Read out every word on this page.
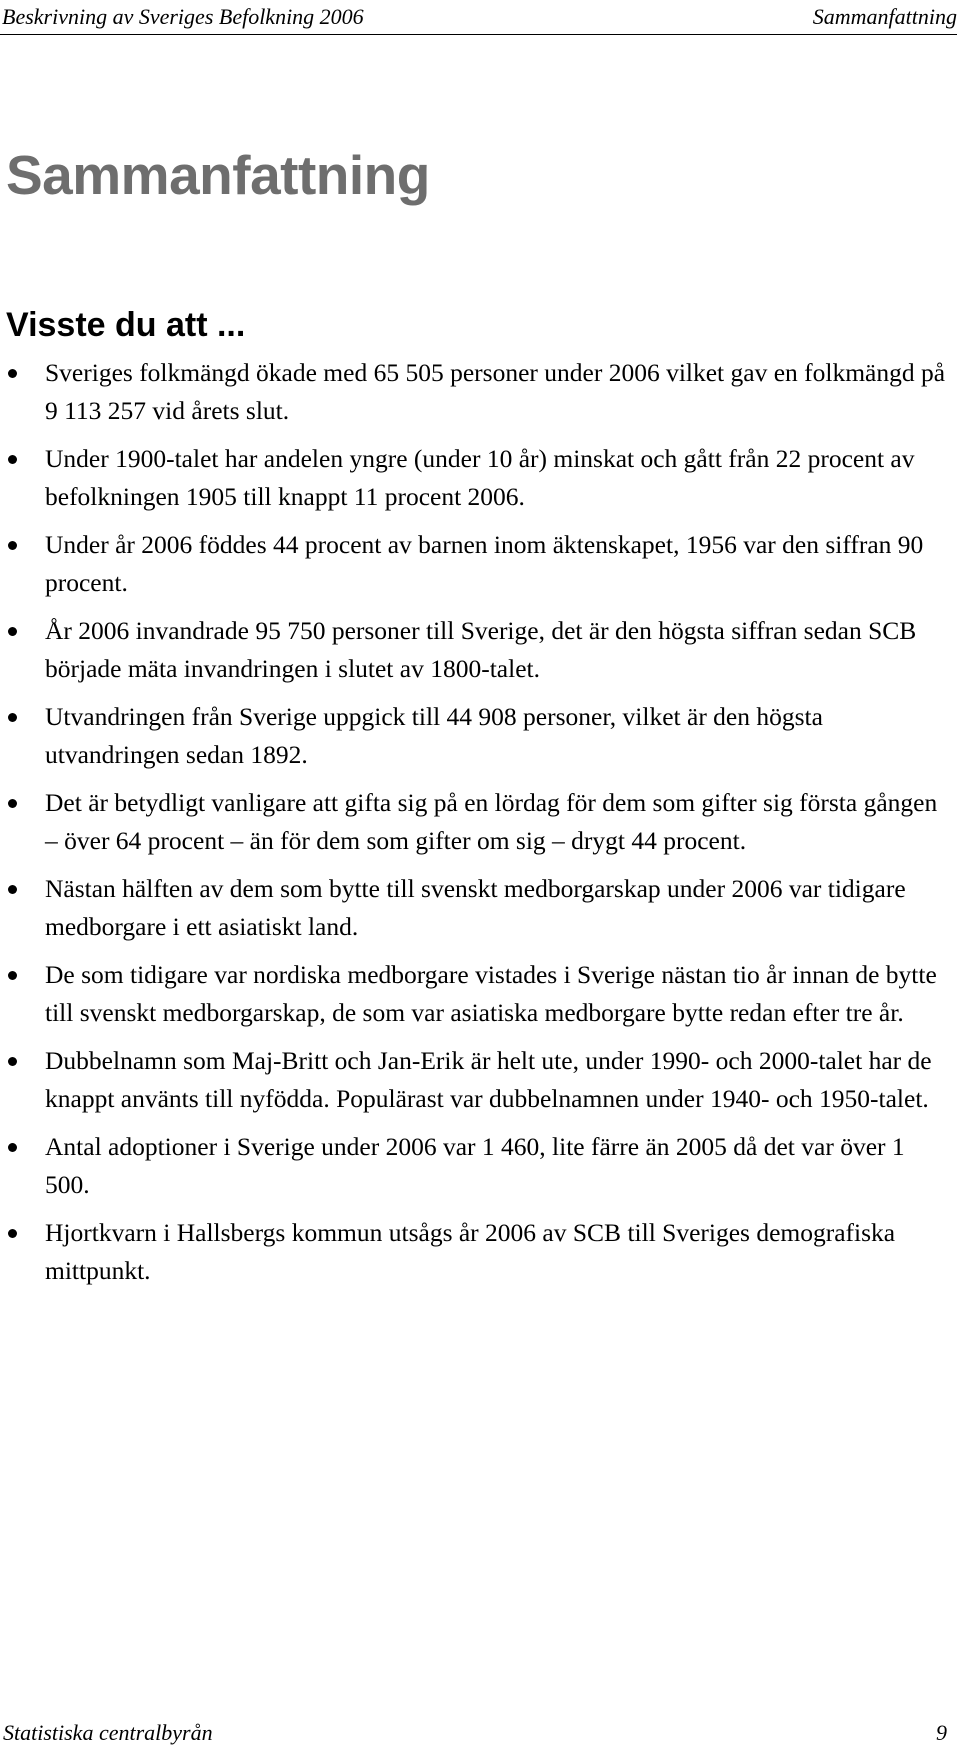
Beskrivning av Sveriges Befolkning 2006	Sammanfattning
Sammanfattning
Visste du att ...
Sveriges folkmängd ökade med 65 505 personer under 2006 vilket gav en folkmängd på 9 113 257 vid årets slut.
Under 1900-talet har andelen yngre (under 10 år) minskat och gått från 22 procent av befolkningen 1905 till knappt 11 procent 2006.
Under år 2006 föddes 44 procent av barnen inom äktenskapet, 1956 var den siffran 90 procent.
År 2006 invandrade 95 750 personer till Sverige, det är den högsta siffran sedan SCB började mäta invandringen i slutet av 1800-talet.
Utvandringen från Sverige uppgick till 44 908 personer, vilket är den högsta utvandringen sedan 1892.
Det är betydligt vanligare att gifta sig på en lördag för dem som gifter sig första gången – över 64 procent – än för dem som gifter om sig – drygt 44 procent.
Nästan hälften av dem som bytte till svenskt medborgarskap under 2006 var tidigare medborgare i ett asiatiskt land.
De som tidigare var nordiska medborgare vistades i Sverige nästan tio år innan de bytte till svenskt medborgarskap, de som var asiatiska medborgare bytte redan efter tre år.
Dubbelnamn som Maj-Britt och Jan-Erik är helt ute, under 1990- och 2000-talet har de knappt använts till nyfödda. Populärast var dubbelnamnen under 1940- och 1950-talet.
Antal adoptioner i Sverige under 2006 var 1 460, lite färre än 2005 då det var över 1 500.
Hjortkvarn i Hallsbergs kommun utsågs år 2006 av SCB till Sveriges demografiska mittpunkt.
Statistiska centralbyrån	9
